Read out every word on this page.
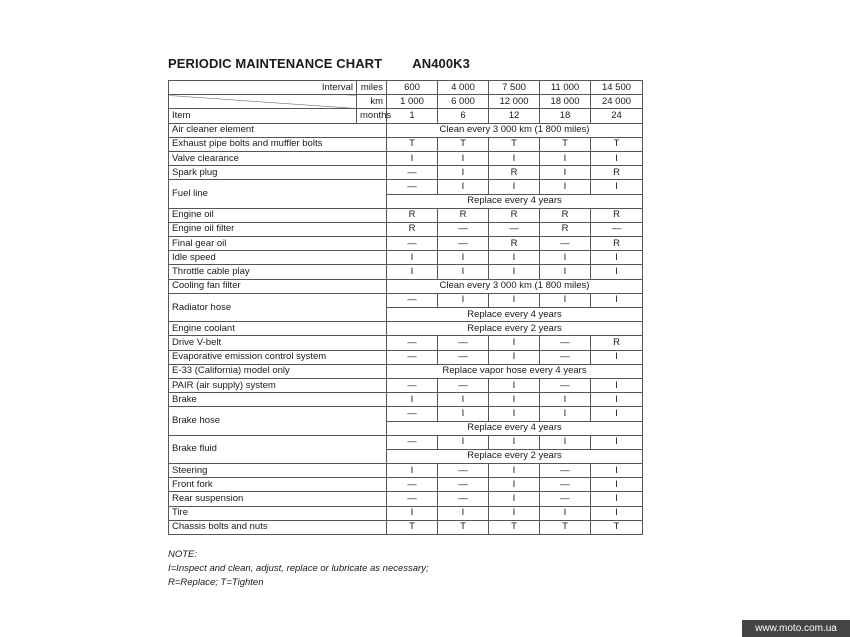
PERIODIC MAINTENANCE CHART AN400K3
Interval	miles	600	4 000	7 500	11 000	14 500
	km	1 000	6 000	12 000	18 000	24 000
Item	months	1	6	12	18	24
Air cleaner element		Clean every 3 000 km (1 800 miles)				
Exhaust pipe bolts and muffler bolts		T	T	T	T	T
Valve clearance		I	I	I	I	I
Spark plug		—	I	R	I	R
Fuel line		—	I	I	I	I
		Replace every 4 years				
Engine oil		R	R	R	R	R
Engine oil filter		R	—	—	R	—
Final gear oil		—	—	R	—	R
Idle speed		I	I	I	I	I
Throttle cable play		I	I	I	I	I
Cooling fan filter		Clean every 3 000 km (1 800 miles)				
Radiator hose		—	I	I	I	I
		Replace every 4 years				
Engine coolant		Replace every 2 years				
Drive V-belt		—	—	I	—	R
Evaporative emission control system		—	—	I	—	I
E-33 (California) model only		Replace vapor hose every 4 years				
PAIR (air supply) system		—	—	I	—	I
Brake		I	I	I	I	I
Brake hose		—	I	I	I	I
		Replace every 4 years				
Brake fluid		—	I	I	I	I
		Replace every 2 years				
Steering		I	—	I	—	I
Front fork		—	—	I	—	I
Rear suspension		—	—	I	—	I
Tire		I	I	I	I	I
Chassis bolts and nuts		T	T	T	T	T
NOTE:
I=Inspect and clean, adjust, replace or lubricate as necessary;
R=Replace; T=Tighten
www.moto.com.ua
